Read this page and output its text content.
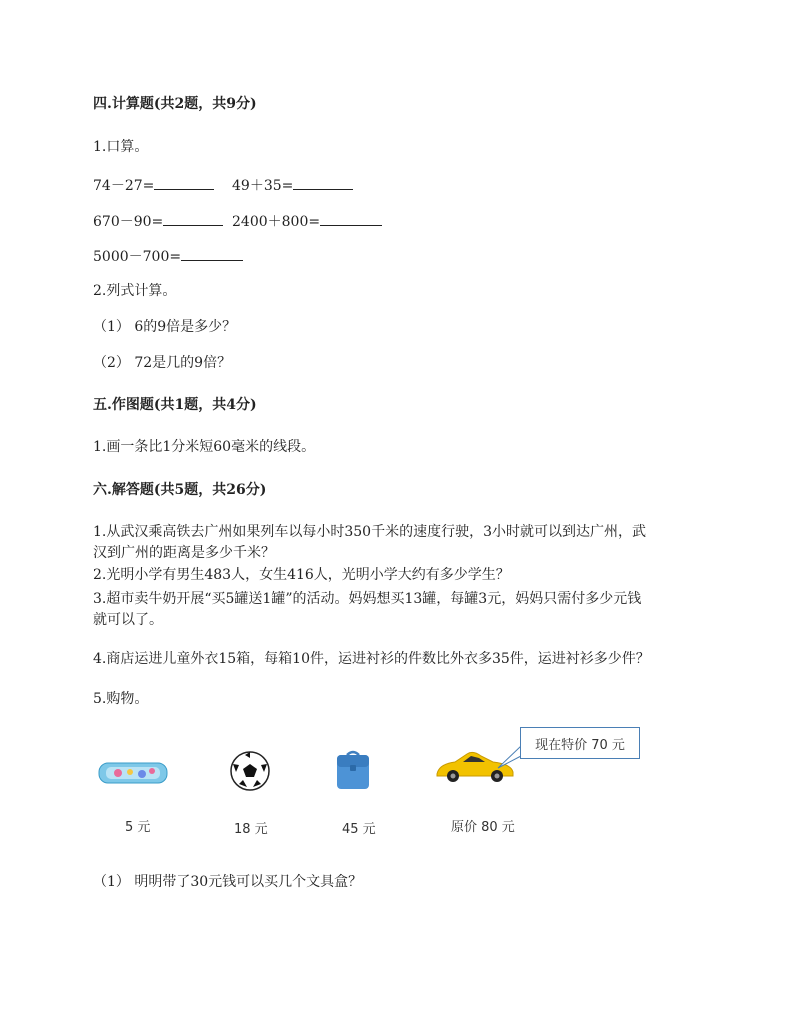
四.计算题(共2题，共9分)
1.口算。
74－27=	49＋35=
670－90=	2400＋800=
5000－700=
2.列式计算。
（1） 6的9倍是多少？
（2） 72是几的9倍？
五.作图题(共1题，共4分)
1.画一条比1分米短60毫米的线段。
六.解答题(共5题，共26分)
1.从武汉乘高铁去广州如果列车以每小时350千米的速度行驶，3小时就可以到达广州，武
汉到广州的距离是多少千米？
2.光明小学有男生483人，女生416人，光明小学大约有多少学生？
3.超市卖牛奶开展“买5罐送1罐”的活动。妈妈想买13罐，每罐3元，妈妈只需付多少元钱
就可以了。
4.商店运进儿童外衣15箱，每箱10件，运进衬衫的件数比外衣多35件，运进衬衫多少件？
5.购物。
现在特价 70 元
5 元	18 元	45 元	原价 80 元
（1） 明明带了30元钱可以买几个文具盒？
